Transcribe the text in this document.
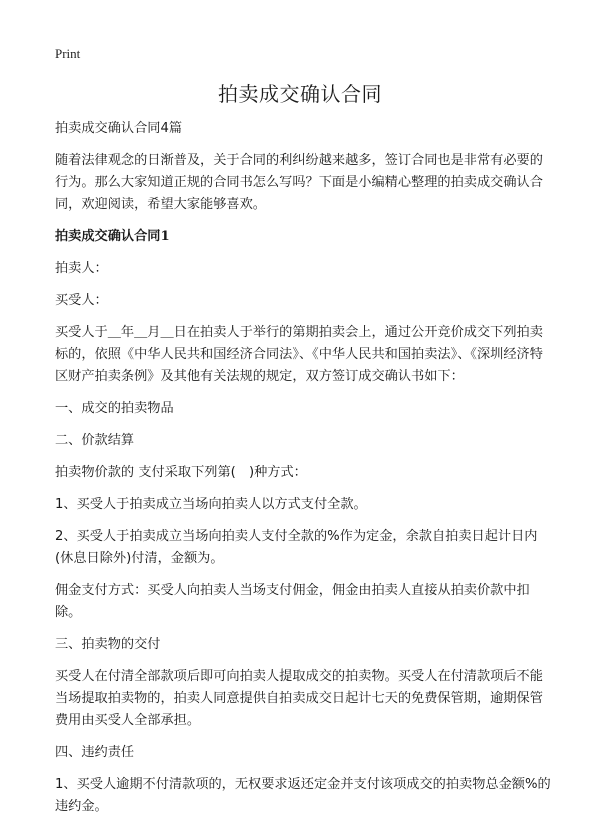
Print
拍卖成交确认合同

拍卖成交确认合同4篇

随着法律观念的日渐普及，关于合同的利纠纷越来越多，签订合同也是非常有必要的行为。那么大家知道正规的合同书怎么写吗？下面是小编精心整理的拍卖成交确认合同，欢迎阅读，希望大家能够喜欢。

拍卖成交确认合同1

拍卖人：

买受人：

买受人于＿年＿月＿日在拍卖人于举行的第期拍卖会上，通过公开竞价成交下列拍卖标的，依照《中华人民共和国经济合同法》、《中华人民共和国拍卖法》、《深圳经济特区财产拍卖条例》及其他有关法规的规定，双方签订成交确认书如下：

一、成交的拍卖物品

二、价款结算

拍卖物价款的 支付采取下列第(　)种方式：

1、买受人于拍卖成立当场向拍卖人以方式支付全款。

2、买受人于拍卖成立当场向拍卖人支付全款的%作为定金，余款自拍卖日起计日内(休息日除外)付清，金额为。

佣金支付方式：买受人向拍卖人当场支付佣金，佣金由拍卖人直接从拍卖价款中扣除。

三、拍卖物的交付

买受人在付清全部款项后即可向拍卖人提取成交的拍卖物。买受人在付清款项后不能当场提取拍卖物的，拍卖人同意提供自拍卖成交日起计七天的免费保管期，逾期保管费用由买受人全部承担。

四、违约责任

1、买受人逾期不付清款项的，无权要求返还定金并支付该项成交的拍卖物总金额%的违约金。
